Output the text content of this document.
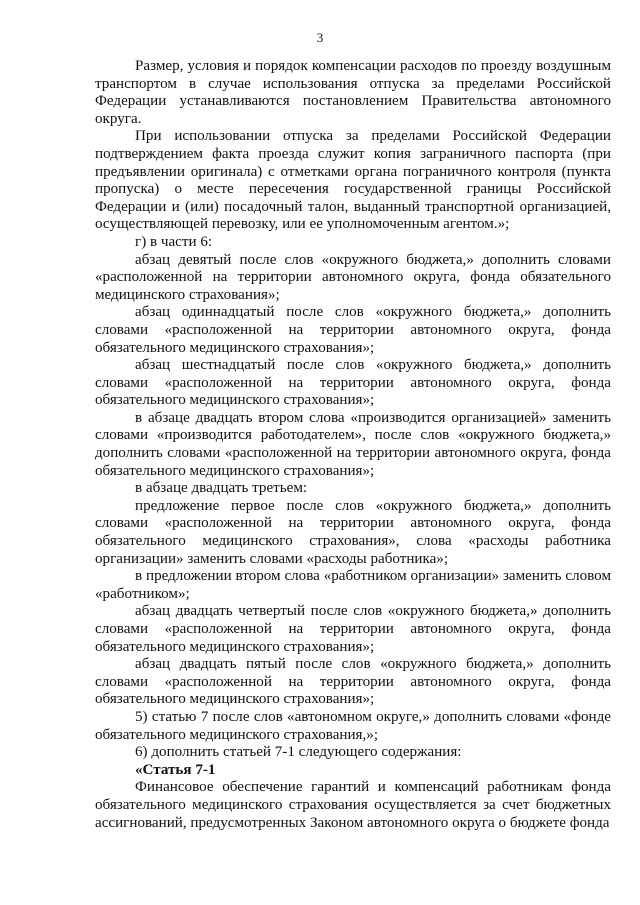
3

Размер, условия и порядок компенсации расходов по проезду воздушным транспортом в случае использования отпуска за пределами Российской Федерации устанавливаются постановлением Правительства автономного округа.

При использовании отпуска за пределами Российской Федерации подтверждением факта проезда служит копия заграничного паспорта (при предъявлении оригинала) с отметками органа пограничного контроля (пункта пропуска) о месте пересечения государственной границы Российской Федерации и (или) посадочный талон, выданный транспортной организацией, осуществляющей перевозку, или ее уполномоченным агентом.»;

г) в части 6:

абзац девятый после слов «окружного бюджета,» дополнить словами «расположенной на территории автономного округа, фонда обязательного медицинского страхования»;

абзац одиннадцатый после слов «окружного бюджета,» дополнить словами «расположенной на территории автономного округа, фонда обязательного медицинского страхования»;

абзац шестнадцатый после слов «окружного бюджета,» дополнить словами «расположенной на территории автономного округа, фонда обязательного медицинского страхования»;

в абзаце двадцать втором слова «производится организацией» заменить словами «производится работодателем», после слов «окружного бюджета,» дополнить словами «расположенной на территории автономного округа, фонда обязательного медицинского страхования»;

в абзаце двадцать третьем:

предложение первое после слов «окружного бюджета,» дополнить словами «расположенной на территории автономного округа, фонда обязательного медицинского страхования», слова «расходы работника организации» заменить словами «расходы работника»;

в предложении втором слова «работником организации» заменить словом «работником»;

абзац двадцать четвертый после слов «окружного бюджета,» дополнить словами «расположенной на территории автономного округа, фонда обязательного медицинского страхования»;

абзац двадцать пятый после слов «окружного бюджета,» дополнить словами «расположенной на территории автономного округа, фонда обязательного медицинского страхования»;

5) статью 7 после слов «автономном округе,» дополнить словами «фонде обязательного медицинского страхования,»;

6) дополнить статьей 7-1 следующего содержания:

«Статья 7-1

Финансовое обеспечение гарантий и компенсаций работникам фонда обязательного медицинского страхования осуществляется за счет бюджетных ассигнований, предусмотренных Законом автономного округа о бюджете фонда
